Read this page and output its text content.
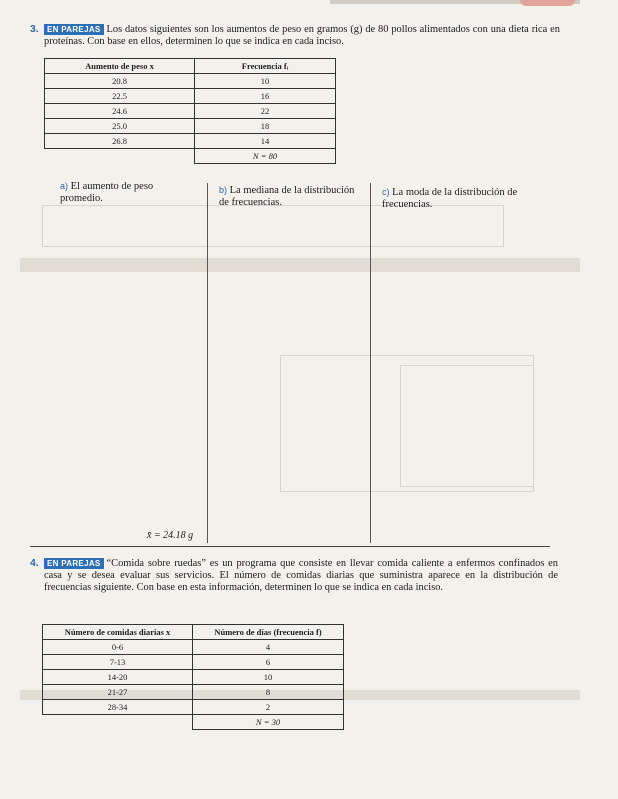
3.	EN PAREJAS Los datos siguientes son los aumentos de peso en gramos (g) de 80 pollos alimentados con una dieta rica en proteínas. Con base en ellos, determinen lo que se indica en cada inciso.

Aumento de peso x	Frecuencia fᵢ
20.8	10
22.5	16
24.6	22
25.0	18
26.8	14
	N = 80
a) El aumento de peso promedio.
b) La mediana de la distribución de frecuencias.
c) La moda de la distribución de frecuencias.
x̄ = 24.18 g
4.	EN PAREJAS “Comida sobre ruedas” es un programa que consiste en llevar comida caliente a enfermos confinados en casa y se desea evaluar sus servicios. El número de comidas diarias que suministra aparece en la distribución de frecuencias siguiente. Con base en esta información, determinen lo que se indica en cada inciso.

Número de comidas diarias x	Número de días (frecuencia f)
0-6	4
7-13	6
14-20	10
21-27	8
28-34	2
	N = 30
